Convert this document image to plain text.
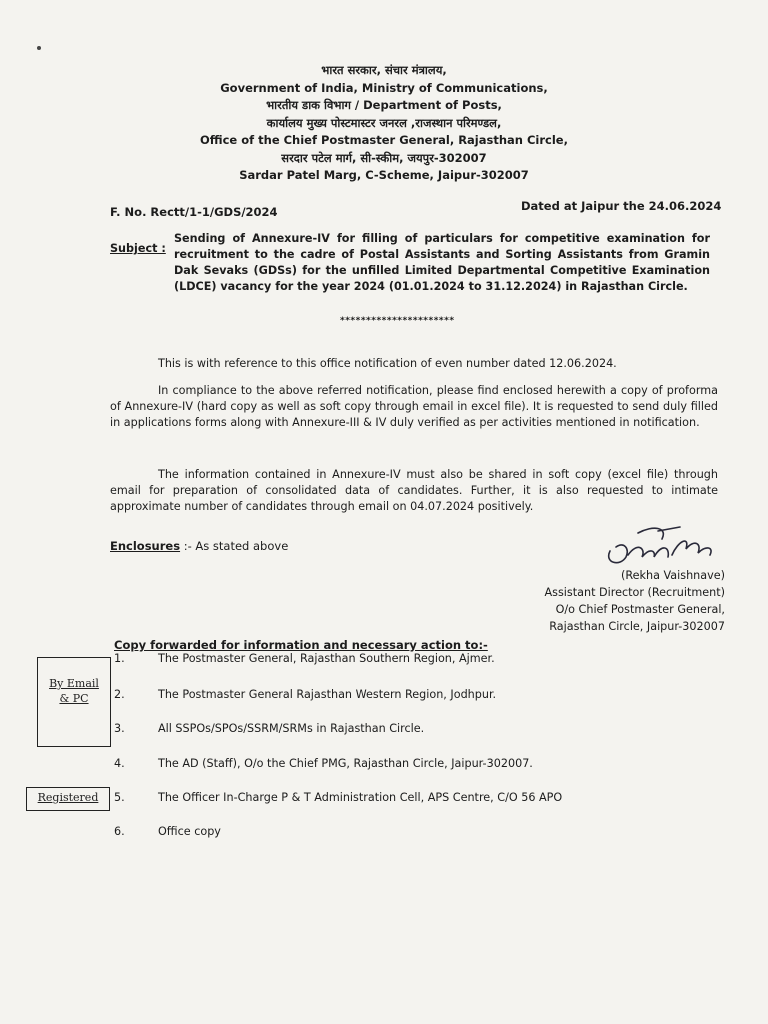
भारत सरकार, संचार मंत्रालय,
Government of India, Ministry of Communications,
भारतीय डाक विभाग / Department of Posts,
कार्यालय मुख्य पोस्टमास्टर जनरल ,राजस्थान परिमण्डल,
Office of the Chief Postmaster General, Rajasthan Circle,
सरदार पटेल मार्ग, सी-स्कीम, जयपुर-302007
Sardar Patel Marg, C-Scheme, Jaipur-302007
F. No. Rectt/1-1/GDS/2024	Dated at Jaipur the 24.06.2024
Subject :
Sending of Annexure-IV for filling of particulars for competitive examination for recruitment to the cadre of Postal Assistants and Sorting Assistants from Gramin Dak Sevaks (GDSs) for the unfilled Limited Departmental Competitive Examination (LDCE) vacancy for the year 2024 (01.01.2024 to 31.12.2024) in Rajasthan Circle.
**********************
This is with reference to this office notification of even number dated 12.06.2024.
In compliance to the above referred notification, please find enclosed herewith a copy of proforma of Annexure-IV (hard copy as well as soft copy through email in excel file). It is requested to send duly filled in applications forms along with Annexure-III & IV duly verified as per activities mentioned in notification.
The information contained in Annexure-IV must also be shared in soft copy (excel file) through email for preparation of consolidated data of candidates. Further, it is also requested to intimate approximate number of candidates through email on 04.07.2024 positively.
Enclosures :- As stated above
(Rekha Vaishnave)
Assistant Director (Recruitment)
O/o Chief Postmaster General,
Rajasthan Circle, Jaipur-302007
Copy forwarded for information and necessary action to:-
1.	The Postmaster General, Rajasthan Southern Region, Ajmer.
2.	The Postmaster General Rajasthan Western Region, Jodhpur.
3.	All SSPOs/SPOs/SSRM/SRMs in Rajasthan Circle.
4.	The AD (Staff), O/o the Chief PMG, Rajasthan Circle, Jaipur-302007.
5.	The Officer In-Charge P & T Administration Cell, APS Centre, C/O 56 APO
6.	Office copy
By Email
& PC
Registered
